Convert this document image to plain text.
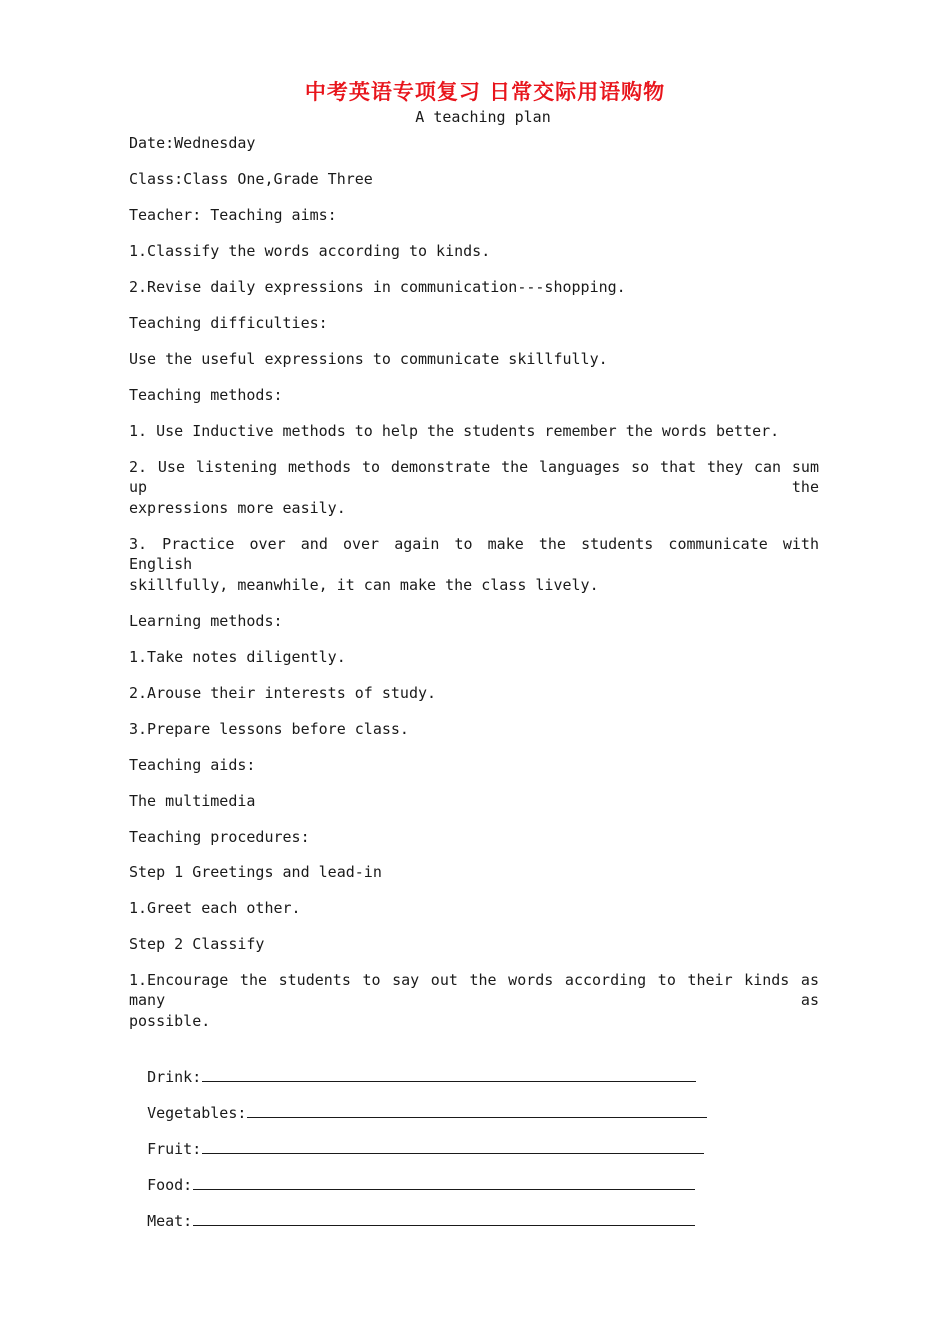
中考英语专项复习 日常交际用语购物
A teaching plan
Date:Wednesday
Class:Class One,Grade Three
Teacher: Teaching aims:
1.Classify the words according to kinds.
2.Revise daily expressions in communication---shopping.
Teaching difficulties:
Use the useful expressions to communicate skillfully.
Teaching methods:
1. Use Inductive methods to help the students remember the words better.
2. Use listening methods to demonstrate the languages so that they can sum up the
expressions more easily.
3. Practice over and over again to make the students communicate with English
skillfully, meanwhile, it can make the class lively.
Learning methods:
1.Take notes diligently.
2.Arouse their interests of study.
3.Prepare lessons before class.
Teaching aids:
The multimedia
Teaching procedures:
Step 1 Greetings and lead-in
1.Greet each other.
Step 2 Classify
1.Encourage the students to say out the words according to their kinds as many as
possible.

Drink:

Vegetables:

Fruit:

Food:

Meat:
